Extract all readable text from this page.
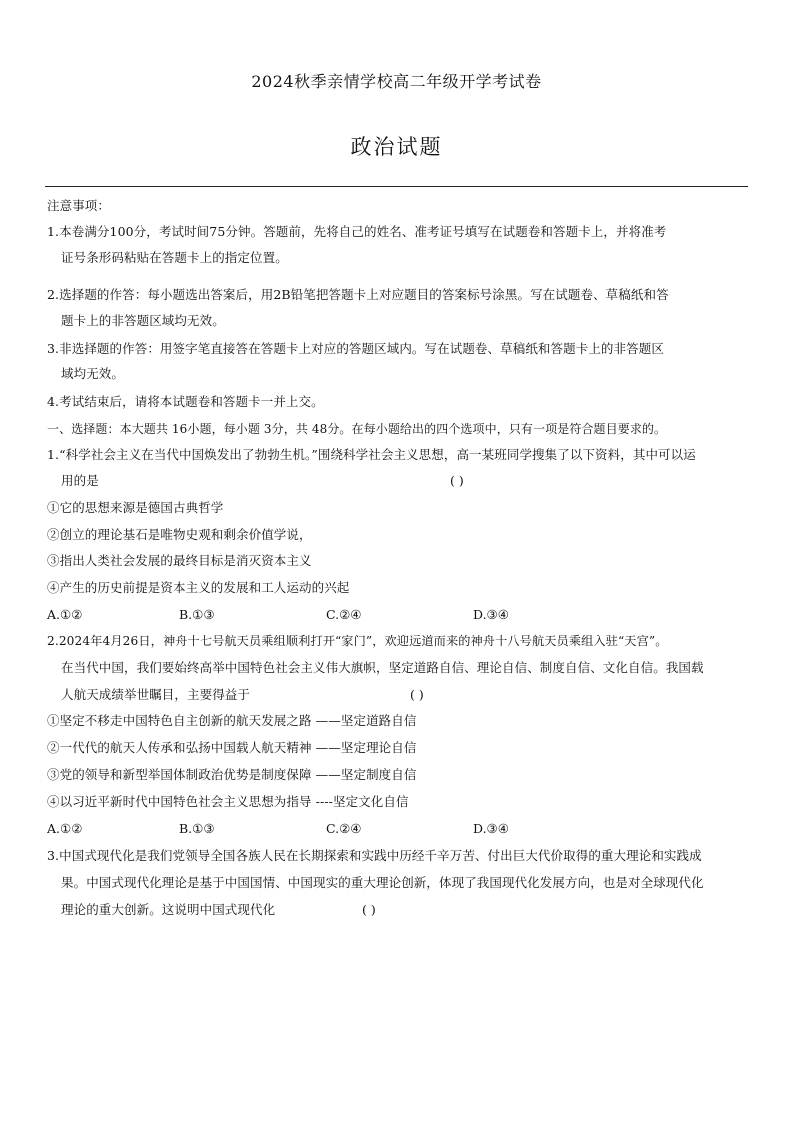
2024秋季亲情学校高二年级开学考试卷
政治试题
注意事项：
1.本卷满分100分，考试时间75分钟。答题前，先将自己的姓名、准考证号填写在试题卷和答题卡上，并将准考
证号条形码粘贴在答题卡上的指定位置。
2.选择题的作答：每小题选出答案后，用2B铅笔把答题卡上对应题目的答案标号涂黑。写在试题卷、草稿纸和答
题卡上的非答题区域均无效。
3.非选择题的作答：用签字笔直接答在答题卡上对应的答题区域内。写在试题卷、草稿纸和答题卡上的非答题区
域均无效。
4.考试结束后，请将本试题卷和答题卡一并上交。
一、选择题：本大题共 16小题，每小题 3分，共 48分。在每小题给出的四个选项中，只有一项是符合题目要求的。
1.“科学社会主义在当代中国焕发出了勃勃生机。”围绕科学社会主义思想，高一某班同学搜集了以下资料，其中可以运
用的是	( )
①它的思想来源是德国古典哲学
②创立的理论基石是唯物史观和剩余价值学说，
③指出人类社会发展的最终目标是消灭资本主义
④产生的历史前提是资本主义的发展和工人运动的兴起
A.①②	B.①③	C.②④	D.③④
2.2024年4月26日，神舟十七号航天员乘组顺利打开“家门”，欢迎远道而来的神舟十八号航天员乘组入驻“天宫”。
在当代中国，我们要始终高举中国特色社会主义伟大旗帜，坚定道路自信、理论自信、制度自信、文化自信。我国载
人航天成绩举世瞩目，主要得益于	( )
①坚定不移走中国特色自主创新的航天发展之路 ——坚定道路自信
②一代代的航天人传承和弘扬中国载人航天精神 ——坚定理论自信
③党的领导和新型举国体制政治优势是制度保障 ——坚定制度自信
④以习近平新时代中国特色社会主义思想为指导 ----坚定文化自信
A.①②	B.①③	C.②④	D.③④
3.中国式现代化是我们党领导全国各族人民在长期探索和实践中历经千辛万苦、付出巨大代价取得的重大理论和实践成
果。中国式现代化理论是基于中国国情、中国现实的重大理论创新，体现了我国现代化发展方向，也是对全球现代化
理论的重大创新。这说明中国式现代化	( )
